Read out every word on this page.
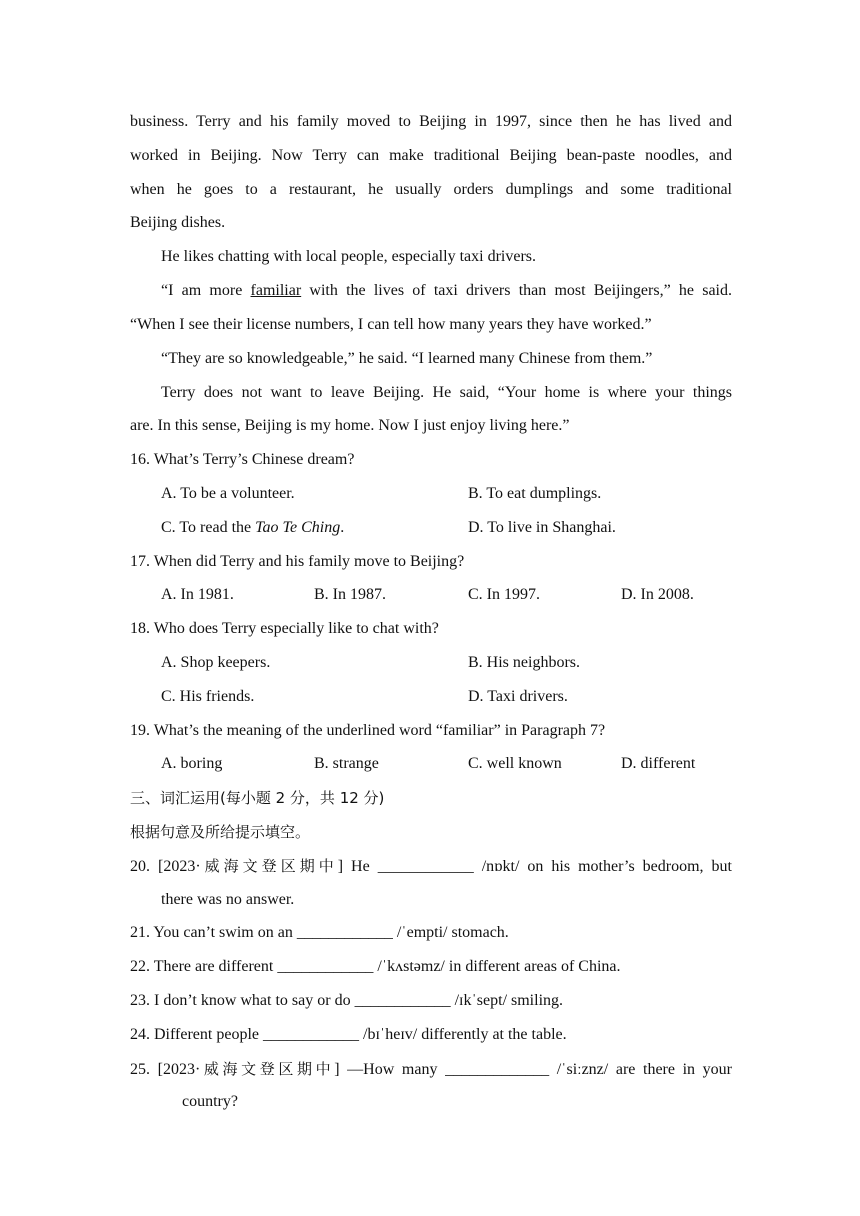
business. Terry and his family moved to Beijing in 1997, since then he has lived and
worked in Beijing. Now Terry can make traditional Beijing bean-paste noodles, and
when he goes to a restaurant, he usually orders dumplings and some traditional
Beijing dishes.
He likes chatting with local people, especially taxi drivers.
“I am more familiar with the lives of taxi drivers than most Beijingers,” he said.
“When I see their license numbers, I can tell how many years they have worked.”
“They are so knowledgeable,” he said. “I learned many Chinese from them.”
Terry does not want to leave Beijing. He said, “Your home is where your things
are. In this sense, Beijing is my home. Now I just enjoy living here.”
16. What’s Terry’s Chinese dream?
A. To be a volunteer.	B. To eat dumplings.
C. To read the Tao Te Ching.	D. To live in Shanghai.
17. When did Terry and his family move to Beijing?
A. In 1981.	B. In 1987.	C. In 1997.	D. In 2008.
18. Who does Terry especially like to chat with?
A. Shop keepers.	B. His neighbors.
C. His friends.	D. Taxi drivers.
19. What’s the meaning of the underlined word “familiar” in Paragraph 7?
A. boring	B. strange	C. well known	D. different
三、词汇运用(每小题 2 分，共 12 分)
根据句意及所给提示填空。
20. [2023·威海文登区期中] He ____________ /nɒkt/ on his mother’s bedroom, but
there was no answer.
21. You can’t swim on an ____________ /ˈempti/ stomach.
22. There are different ____________ /ˈkʌstəmz/ in different areas of China.
23. I don’t know what to say or do ____________ /ɪkˈsept/ smiling.
24. Different people ____________ /bɪˈheɪv/ differently at the table.
25. [2023·威海文登区期中] —How many _____________ /ˈsiːznz/ are there in your
country?
